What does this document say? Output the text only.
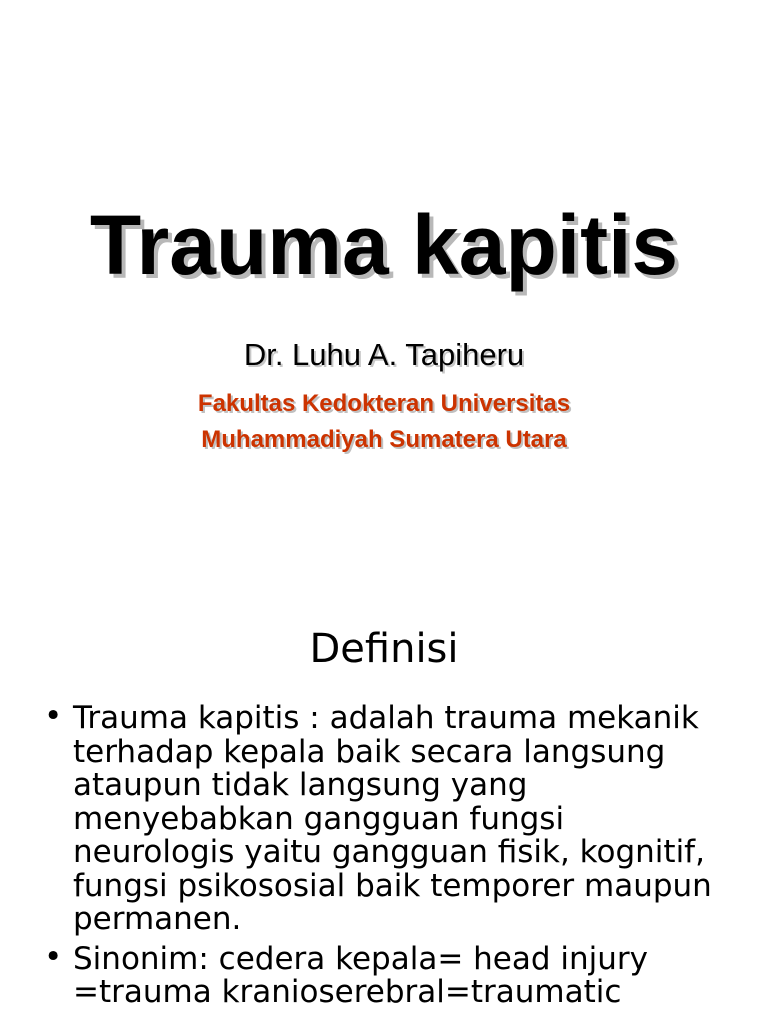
Trauma kapitis
Dr. Luhu A. Tapiheru
Fakultas Kedokteran Universitas
Muhammadiyah Sumatera Utara
Definisi
• Trauma kapitis : adalah trauma mekanik terhadap kepala baik secara langsung ataupun tidak langsung yang menyebabkan gangguan fungsi neurologis yaitu gangguan fisik, kognitif, fungsi psikososial baik temporer maupun permanen.
• Sinonim: cedera kepala= head injury =trauma kranioserebral=traumatic
